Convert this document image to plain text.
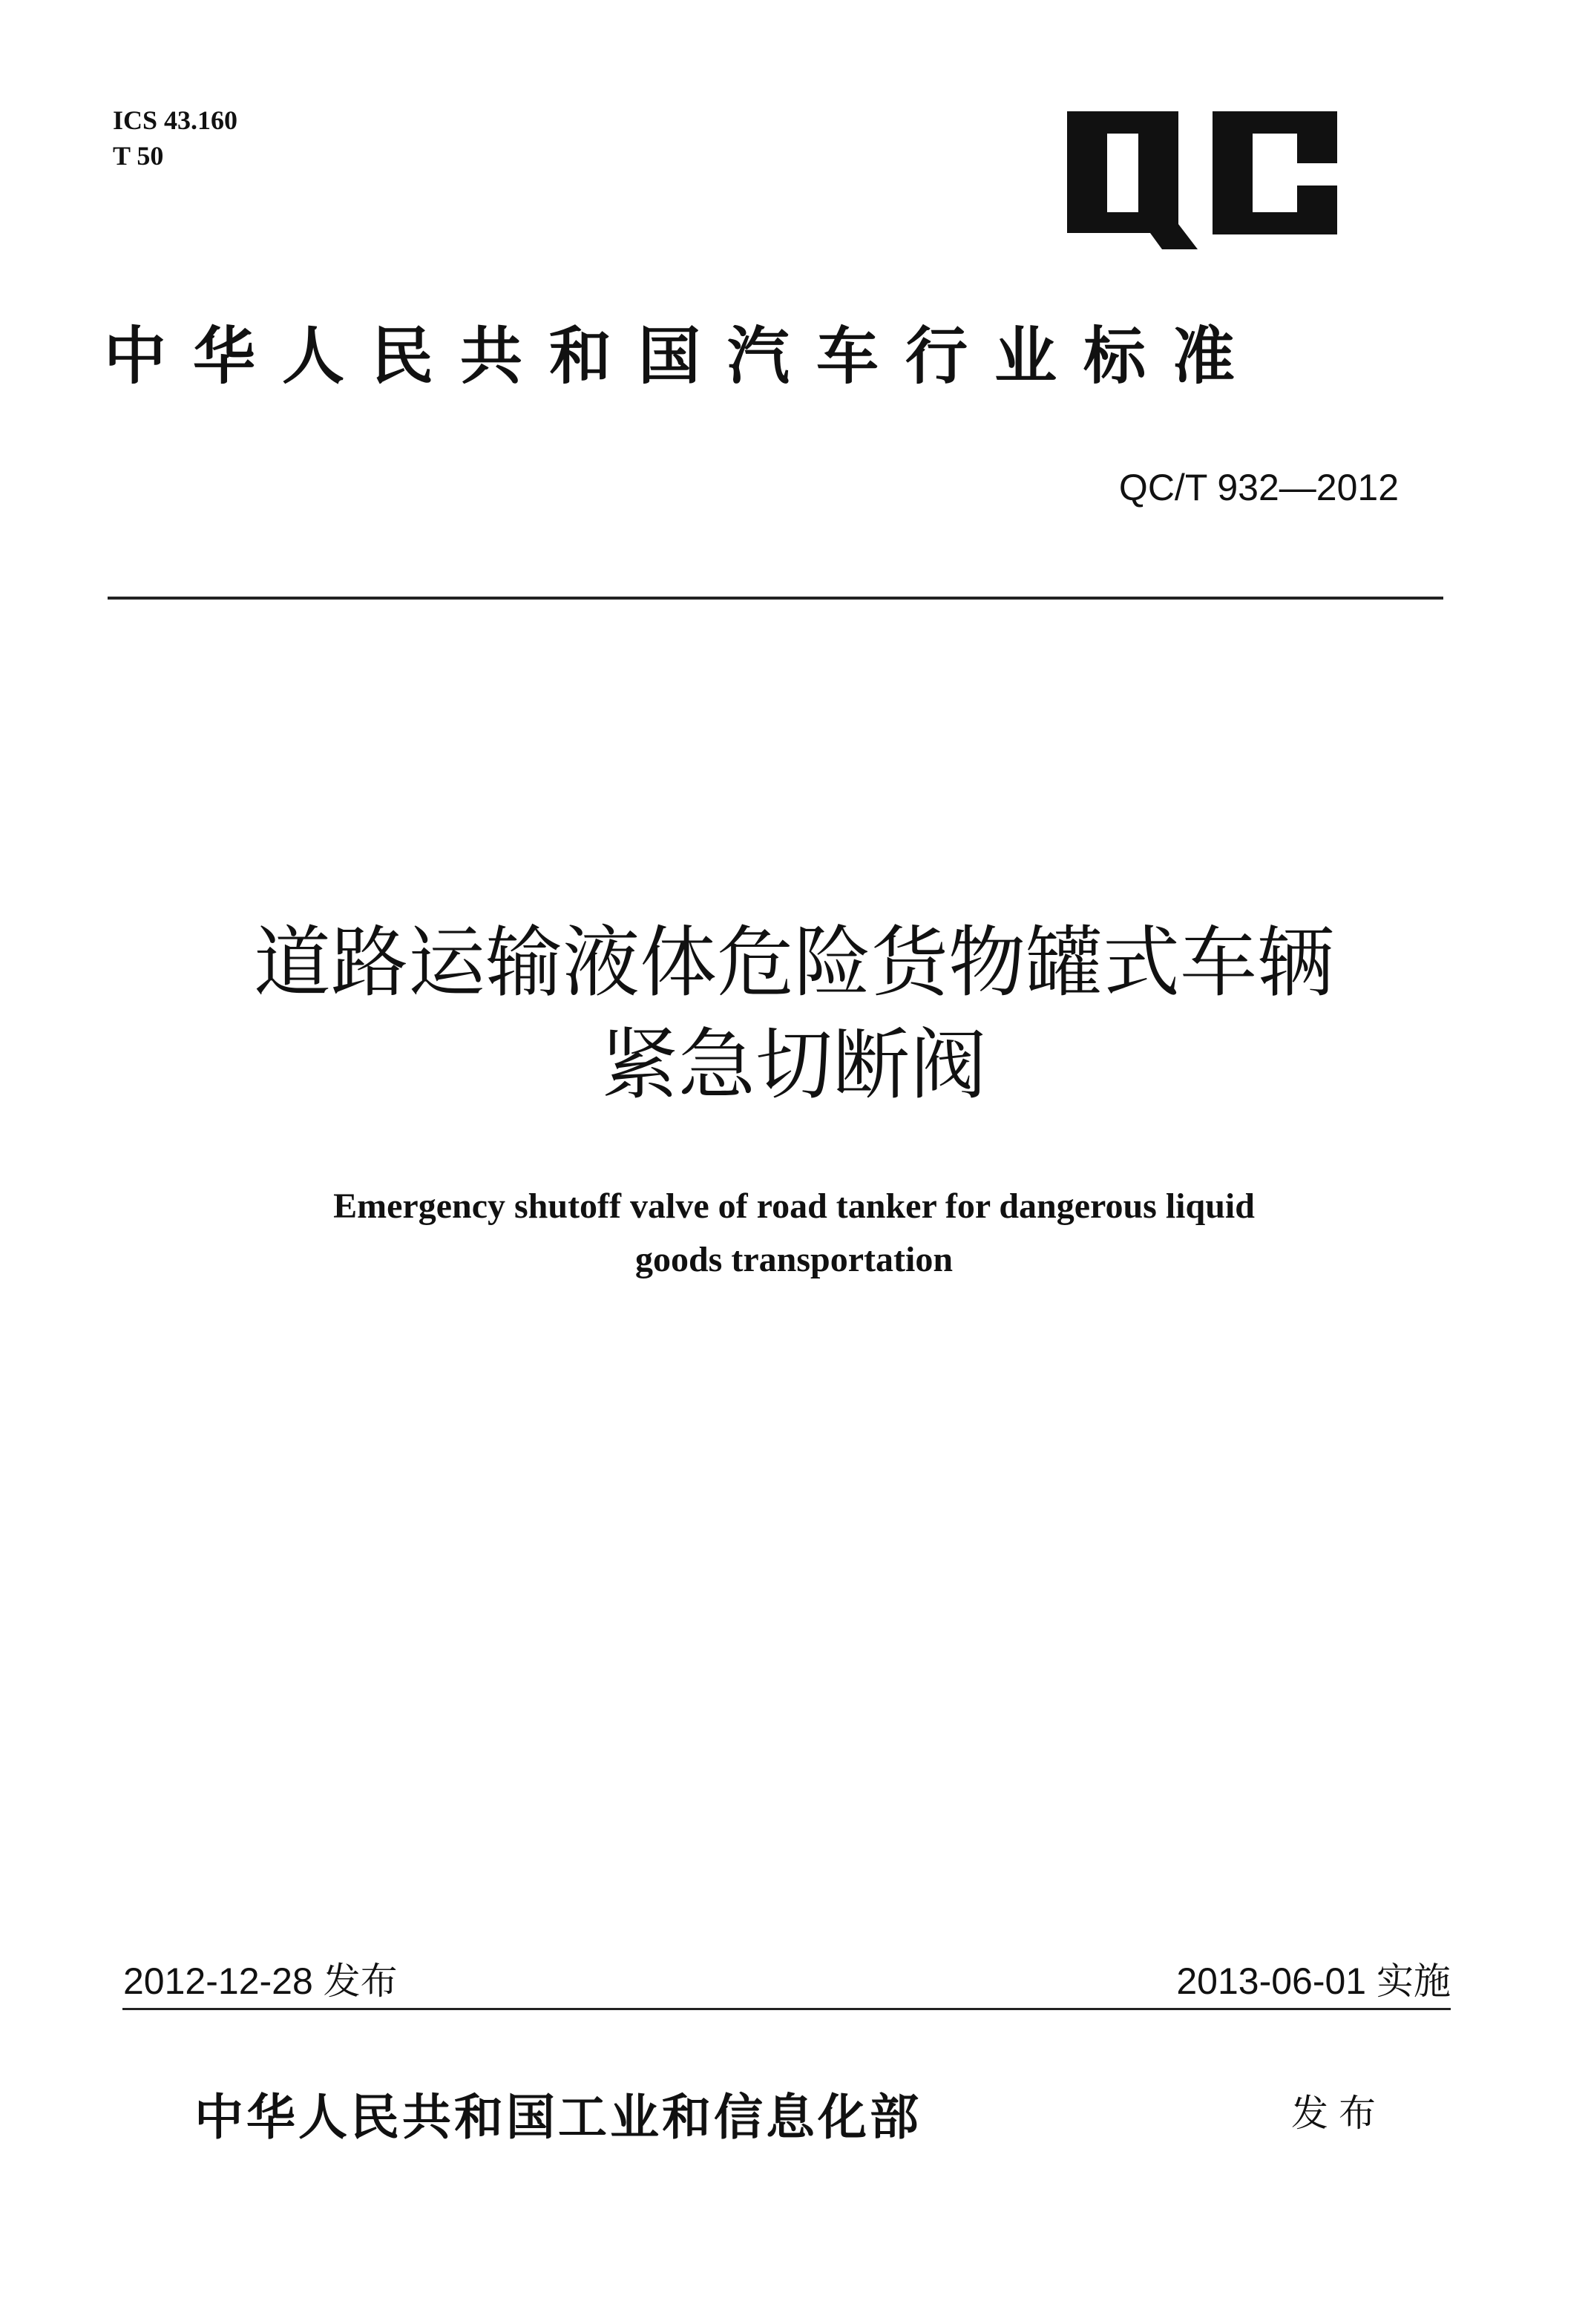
ICS 43.160
T 50
中华人民共和国汽车行业标准
QC/T 932—2012
道路运输液体危险货物罐式车辆
紧急切断阀
Emergency shutoff valve of road tanker for dangerous liquid
goods transportation
2012-12-28 发布	2013-06-01 实施
中华人民共和国工业和信息化部	发布
